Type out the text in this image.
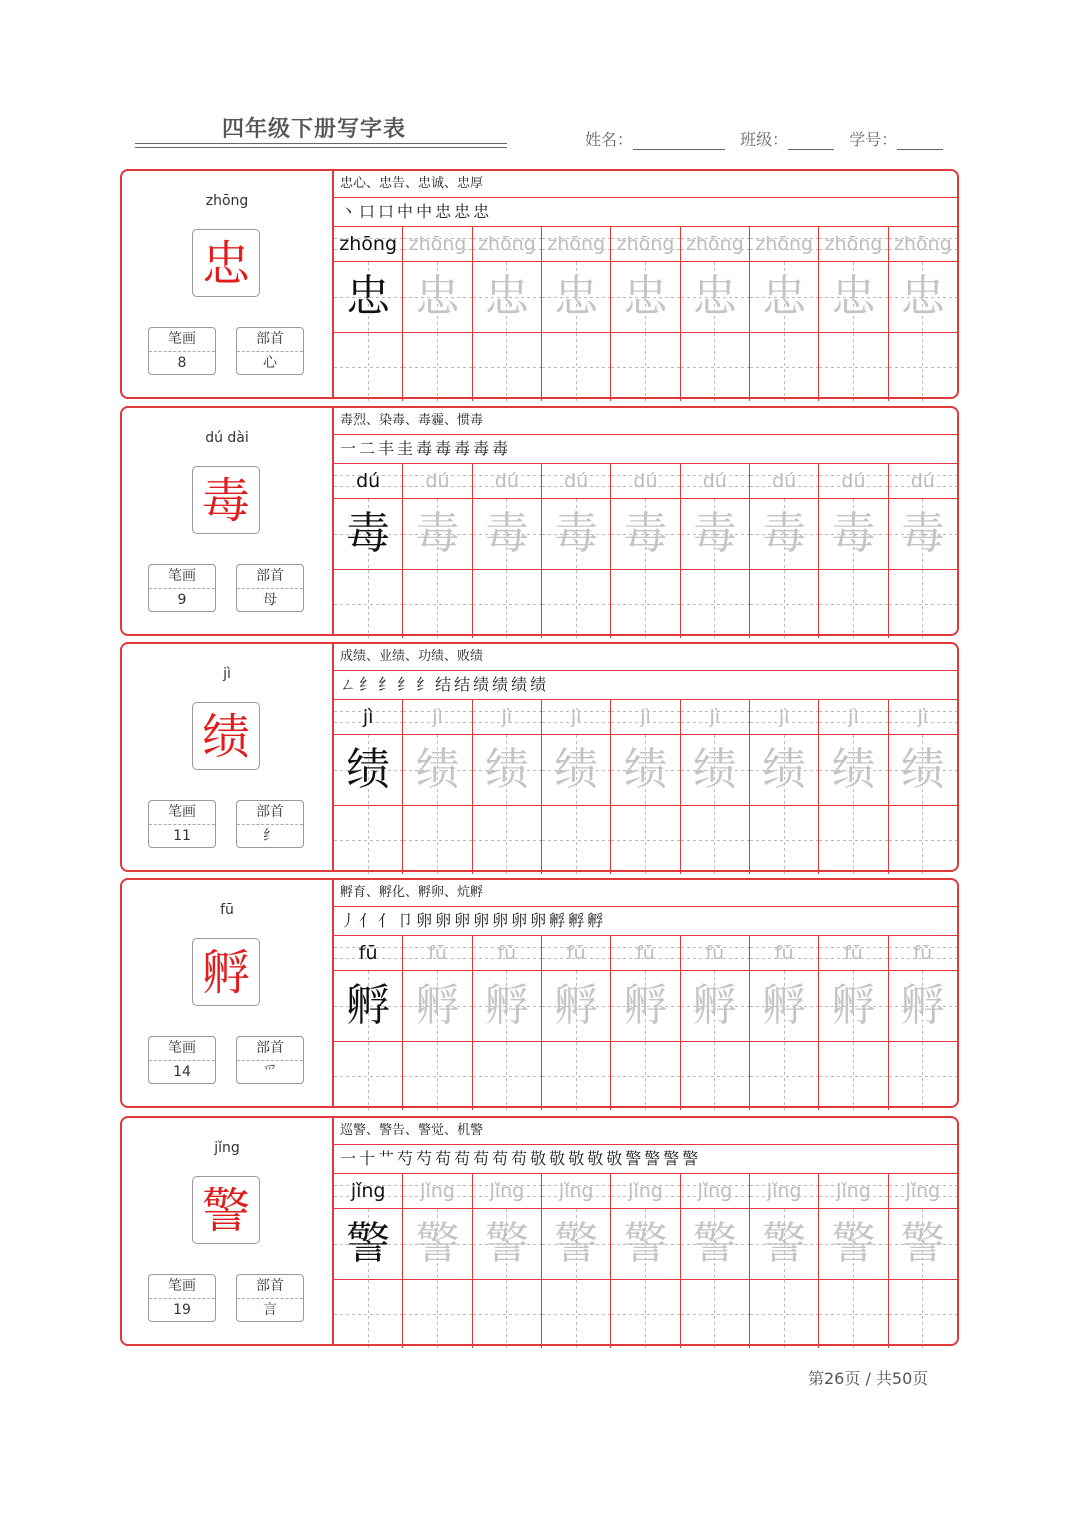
四年级下册写字表	姓名：	班级：	学号：
zhōng
忠
笔画
8
部首
心
忠心、忠告、忠诚、忠厚
丶 口 口 中 中 忠 忠 忠
zhōng zhōng zhōng zhōng zhōng zhōng zhōng zhōng zhōng
忠 忠 忠 忠 忠 忠 忠 忠 忠
dú dài
毒
笔画
9
部首
母
毒烈、染毒、毒霾、惯毒
一 二 丰 圭 毒 毒 毒 毒 毒
dú	dú	dú	dú	dú	dú	dú	dú	dú
毒 毒 毒 毒 毒 毒 毒 毒 毒
jì
绩
笔画
11
部首
纟
成绩、业绩、功绩、败绩
ㄥ 纟 纟 纟 纟 结 结 绩 绩 绩 绩
jì	jì	jì	jì	jì	jì	jì	jì	jì
绩 绩 绩 绩 绩 绩 绩 绩 绩
fū
孵
笔画
14
部首
爫
孵育、孵化、孵卵、炕孵
丿 亻 亻 卩 卵 卵 卵 卵 卵 卵 卵 孵 孵 孵
fū	fū	fū	fū	fū	fū	fū	fū	fū
孵 孵 孵 孵 孵 孵 孵 孵 孵
jǐng
警
笔画
19
部首
言
巡警、警告、警觉、机警
一 十 艹 芍 芍 苟 苟 苟 苟 苟 敬 敬 敬 敬 敬 警 警 警 警
jǐng	jǐng	jǐng	jǐng	jǐng	jǐng	jǐng	jǐng	jǐng
警 警 警 警 警 警 警 警 警
第26页 / 共50页
